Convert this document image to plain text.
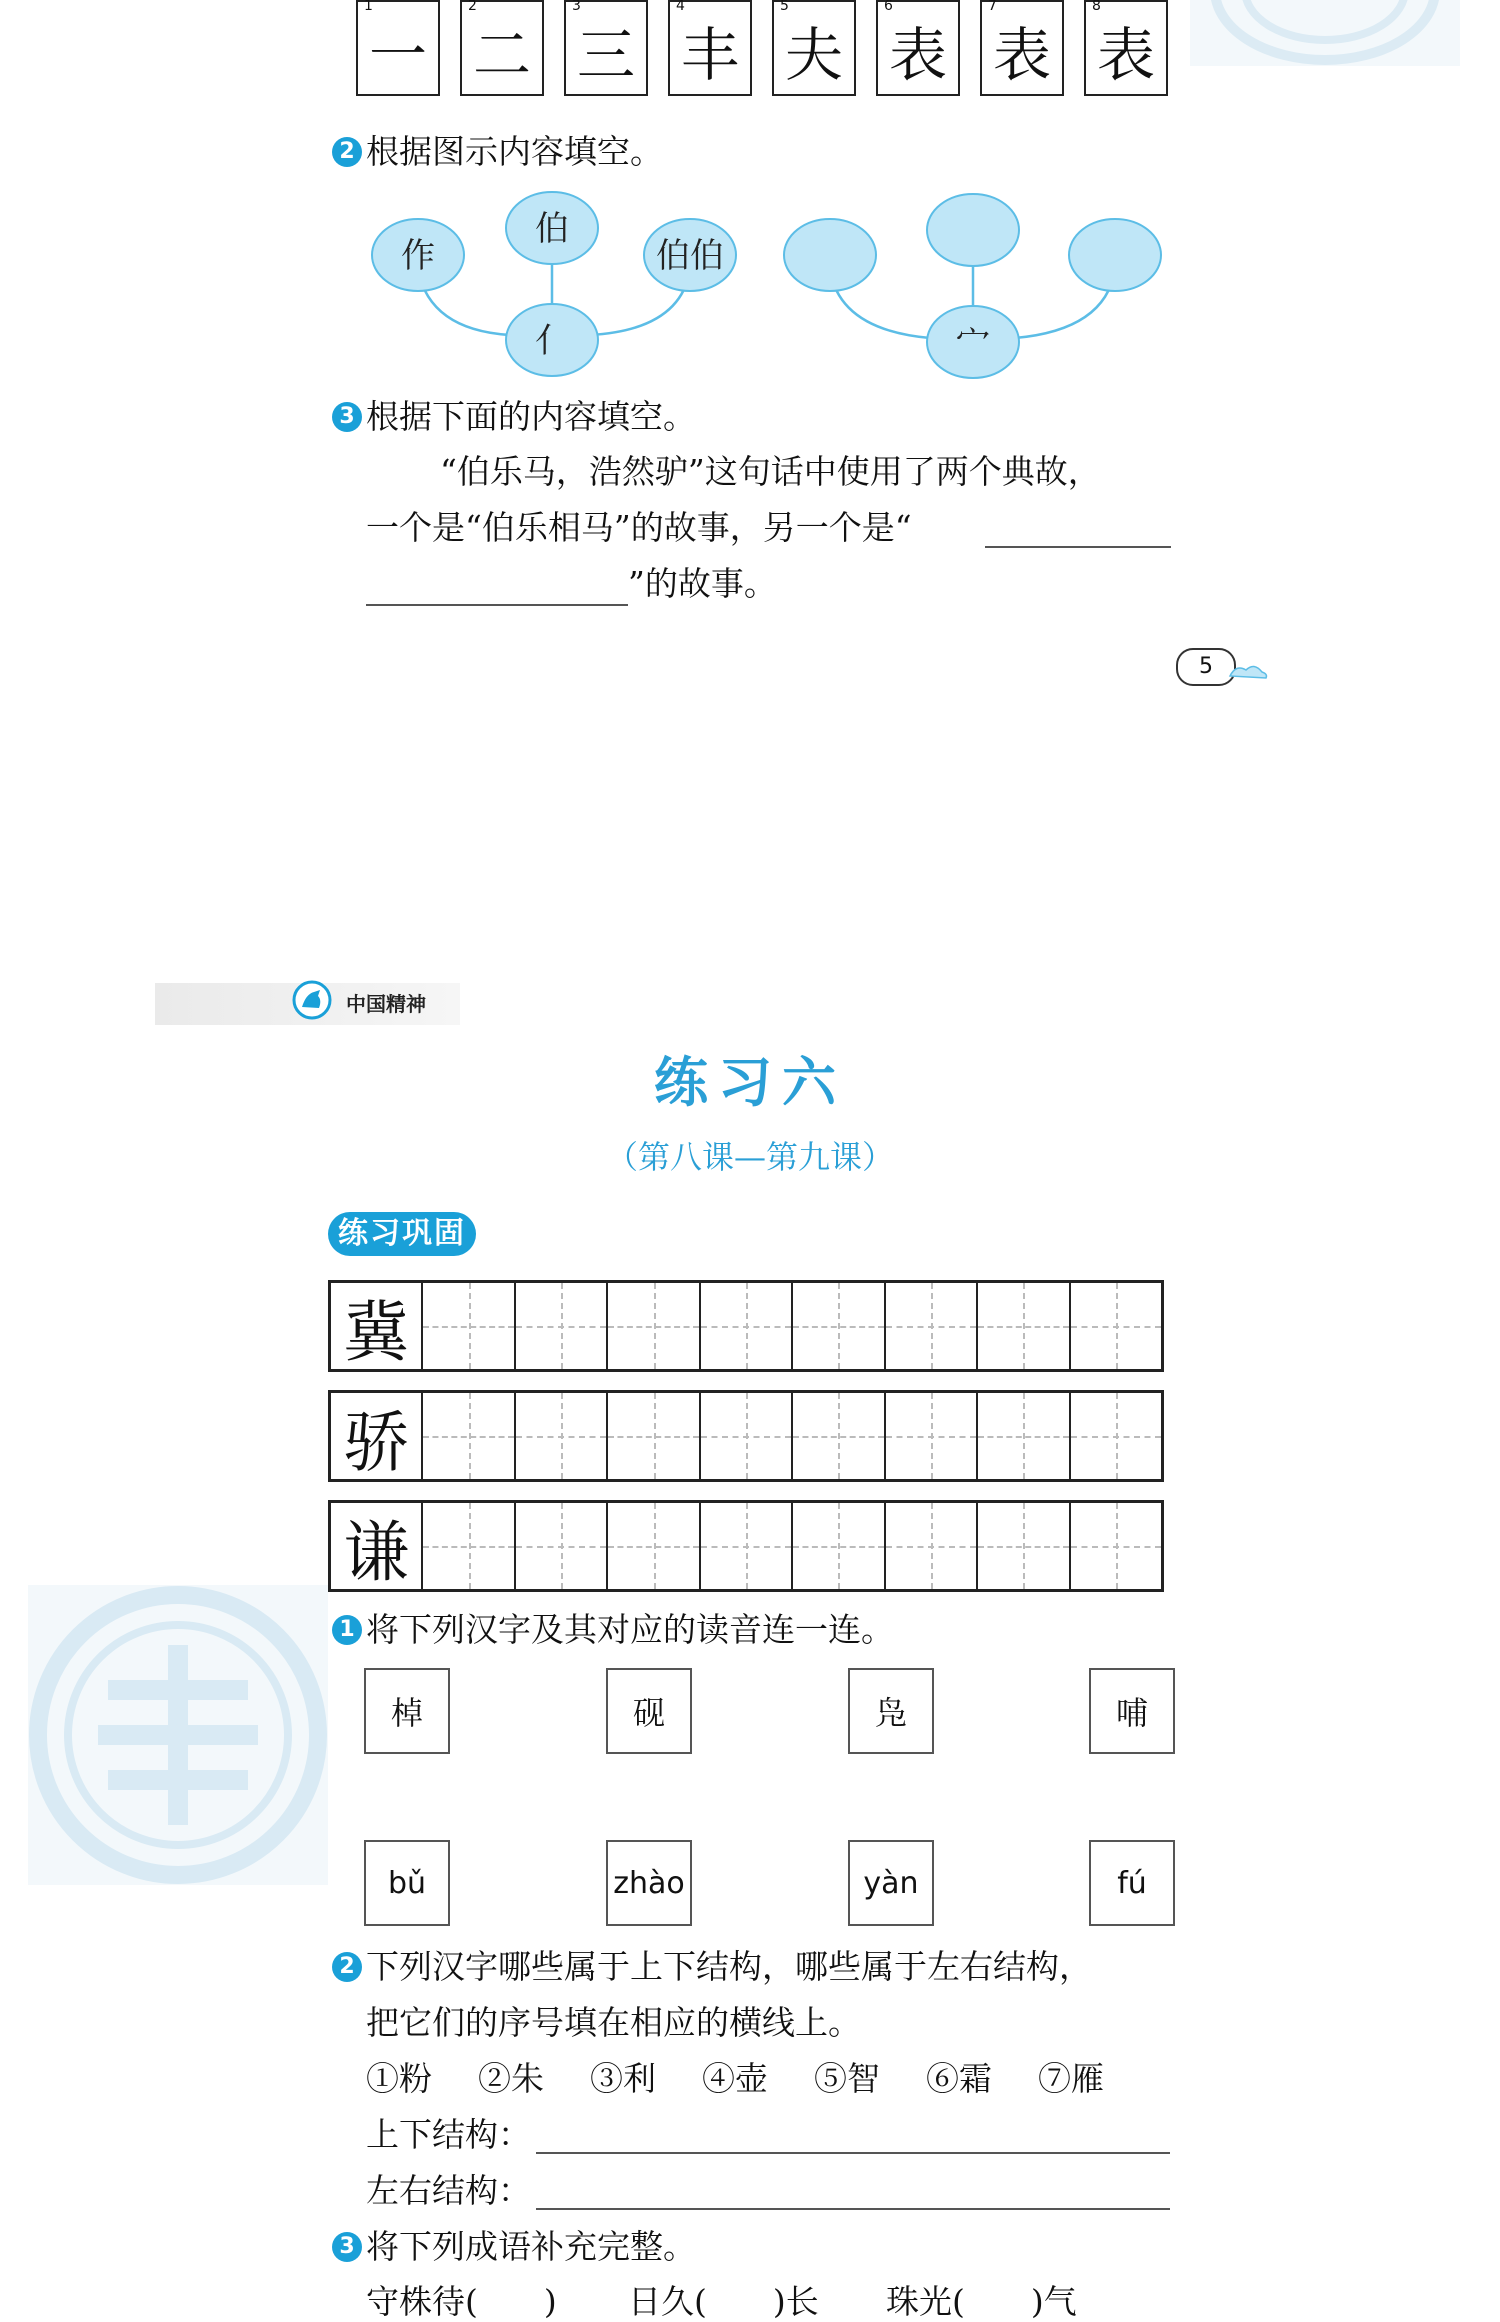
1
一
2
二
3
三
4
丰
5
夫
6
表
7
表
8
表
2 根据图示内容填空。
作
伯
伯伯
亻	宀
3 根据下面的内容填空。
“伯乐马，浩然驴”这句话中使用了两个典故，
一个是“伯乐相马”的故事，另一个是“
”的故事。
5
中国精神
练习六
（第八课—第九课）
练习巩固
冀
骄
谦
1 将下列汉字及其对应的读音连一连。
棹	砚	凫	哺
bǔ	zhào	yàn	fú
2 下列汉字哪些属于上下结构，哪些属于左右结构，
把它们的序号填在相应的横线上。
①粉 ②朱 ③利 ④壶 ⑤智 ⑥霜 ⑦雁
上下结构：
左右结构：
3 将下列成语补充完整。
守株待(　　) 日久(　　)长 珠光(　　)气
